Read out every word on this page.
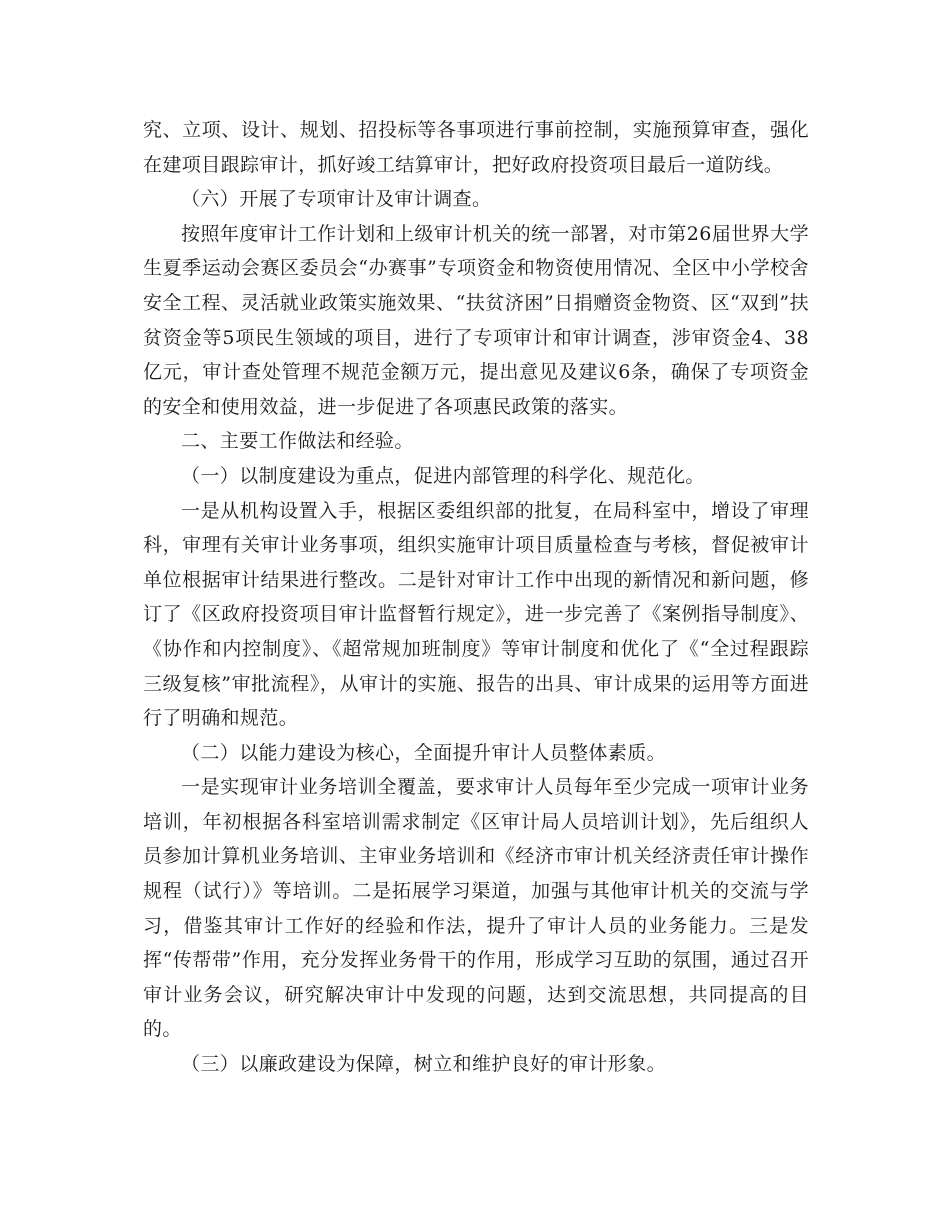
究、立项、设计、规划、招投标等各事项进行事前控制，实施预算审查，强化在建项目跟踪审计，抓好竣工结算审计，把好政府投资项目最后一道防线。

（六）开展了专项审计及审计调查。

按照年度审计工作计划和上级审计机关的统一部署，对市第26届世界大学生夏季运动会赛区委员会“办赛事”专项资金和物资使用情况、全区中小学校舍安全工程、灵活就业政策实施效果、“扶贫济困”日捐赠资金物资、区“双到”扶贫资金等5项民生领域的项目，进行了专项审计和审计调查，涉审资金4、38亿元，审计查处管理不规范金额万元，提出意见及建议6条，确保了专项资金的安全和使用效益，进一步促进了各项惠民政策的落实。

二、主要工作做法和经验。

（一）以制度建设为重点，促进内部管理的科学化、规范化。

一是从机构设置入手，根据区委组织部的批复，在局科室中，增设了审理科，审理有关审计业务事项，组织实施审计项目质量检查与考核，督促被审计单位根据审计结果进行整改。二是针对审计工作中出现的新情况和新问题，修订了《区政府投资项目审计监督暂行规定》，进一步完善了《案例指导制度》、《协作和内控制度》、《超常规加班制度》等审计制度和优化了《“全过程跟踪三级复核”审批流程》，从审计的实施、报告的出具、审计成果的运用等方面进行了明确和规范。

（二）以能力建设为核心，全面提升审计人员整体素质。

一是实现审计业务培训全覆盖，要求审计人员每年至少完成一项审计业务培训，年初根据各科室培训需求制定《区审计局人员培训计划》，先后组织人员参加计算机业务培训、主审业务培训和《经济市审计机关经济责任审计操作规程（试行）》等培训。二是拓展学习渠道，加强与其他审计机关的交流与学习，借鉴其审计工作好的经验和作法，提升了审计人员的业务能力。三是发挥“传帮带”作用，充分发挥业务骨干的作用，形成学习互助的氛围，通过召开审计业务会议，研究解决审计中发现的问题，达到交流思想，共同提高的目的。

（三）以廉政建设为保障，树立和维护良好的审计形象。
